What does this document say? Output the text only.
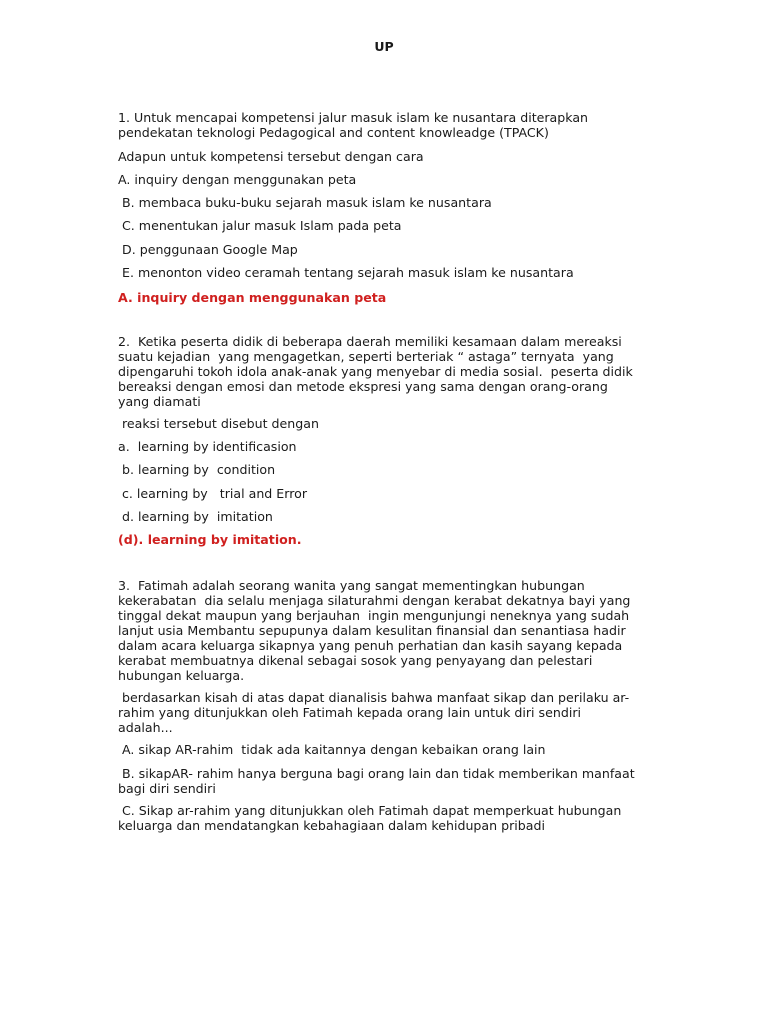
UP
1. Untuk mencapai kompetensi jalur masuk islam ke nusantara diterapkan
pendekatan teknologi Pedagogical and content knowleadge (TPACK)
Adapun untuk kompetensi tersebut dengan cara
A. inquiry dengan menggunakan peta
B. membaca buku-buku sejarah masuk islam ke nusantara
C. menentukan jalur masuk Islam pada peta
D. penggunaan Google Map
E. menonton video ceramah tentang sejarah masuk islam ke nusantara
A. inquiry dengan menggunakan peta
2.  Ketika peserta didik di beberapa daerah memiliki kesamaan dalam mereaksi
suatu kejadian  yang mengagetkan, seperti berteriak “ astaga” ternyata  yang
dipengaruhi tokoh idola anak-anak yang menyebar di media sosial.  peserta didik
bereaksi dengan emosi dan metode ekspresi yang sama dengan orang-orang
yang diamati
reaksi tersebut disebut dengan
a.  learning by identificasion
b. learning by  condition
c. learning by   trial and Error
d. learning by  imitation
(d). learning by imitation.
3.  Fatimah adalah seorang wanita yang sangat mementingkan hubungan
kekerabatan  dia selalu menjaga silaturahmi dengan kerabat dekatnya bayi yang
tinggal dekat maupun yang berjauhan  ingin mengunjungi neneknya yang sudah
lanjut usia Membantu sepupunya dalam kesulitan finansial dan senantiasa hadir
dalam acara keluarga sikapnya yang penuh perhatian dan kasih sayang kepada
kerabat membuatnya dikenal sebagai sosok yang penyayang dan pelestari
hubungan keluarga.
berdasarkan kisah di atas dapat dianalisis bahwa manfaat sikap dan perilaku ar-
rahim yang ditunjukkan oleh Fatimah kepada orang lain untuk diri sendiri
adalah...
A. sikap AR-rahim  tidak ada kaitannya dengan kebaikan orang lain
B. sikapAR- rahim hanya berguna bagi orang lain dan tidak memberikan manfaat
bagi diri sendiri
C. Sikap ar-rahim yang ditunjukkan oleh Fatimah dapat memperkuat hubungan
keluarga dan mendatangkan kebahagiaan dalam kehidupan pribadi
